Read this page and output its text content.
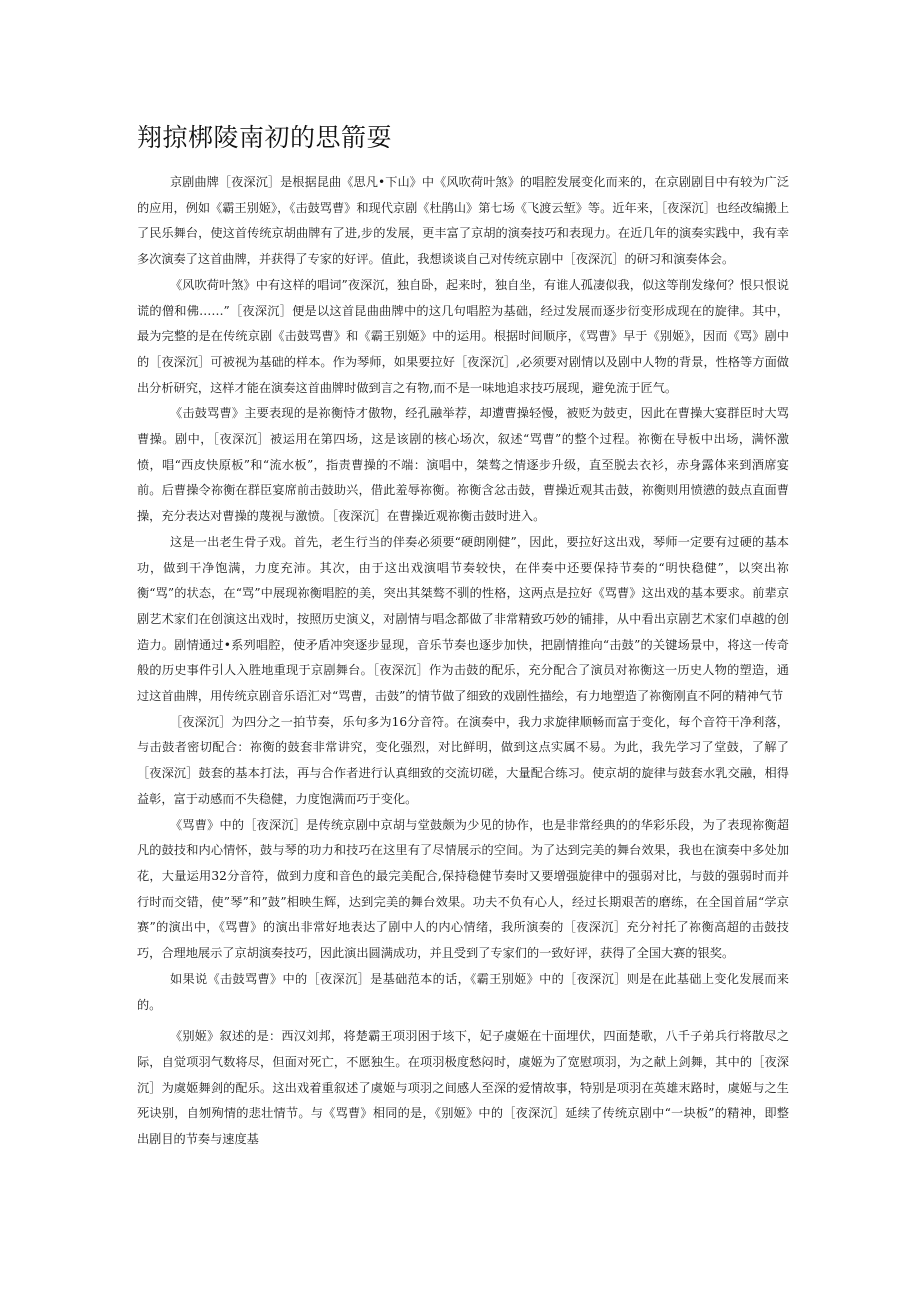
翔掠梆陵南初的思箭耍

京剧曲牌［夜深沉］是根据昆曲《思凡•下山》中《风吹荷叶煞》的唱腔发展变化而来的，在京剧剧目中有较为广泛的应用，例如《霸王别姬》，《击鼓骂曹》和现代京剧《杜鹃山》第七场《飞渡云堑》等。近年来，［夜深沉］也经改编搬上了民乐舞台，使这首传统京胡曲牌有了进,步的发展，更丰富了京胡的演奏技巧和表现力。在近几年的演奏实践中，我有幸多次演奏了这首曲牌，并获得了专家的好评。值此，我想谈谈自己对传统京剧中［夜深沉］的研习和演奏体会。

《风吹荷叶煞》中有这样的唱词”夜深沉，独自卧，起来时，独自坐，有谁人孤凄似我，似这等削发缘何？恨只恨说谎的僧和佛……”［夜深沉］便是以这首昆曲曲牌中的这几句唱腔为基础，经过发展而逐步衍变形成现在的旋律。其中，最为完整的是在传统京剧《击鼓骂曹》和《霸王别姬》中的运用。根据时间顺序，《骂曹》早于《别姬》，因而《骂》剧中的［夜深沉］可被视为基础的样本。作为琴师，如果要拉好［夜深沉］,必须要对剧情以及剧中人物的背景，性格等方面做出分析研究，这样才能在演奏这首曲牌时做到言之有物,而不是一味地追求技巧展现，避免流于匠气。

《击鼓骂曹》主要表现的是祢衡恃才傲物，经孔融举荐，却遭曹操轻慢，被贬为鼓吏，因此在曹操大宴群臣时大骂曹操。剧中，［夜深沉］被运用在第四场，这是该剧的核心场次，叙述“骂曹”的整个过程。祢衡在导板中出场，满怀激愤，唱“西皮快原板”和“流水板”，指责曹操的不端：演唱中，桀骜之情逐步升级，直至脱去衣衫，赤身露体来到酒席宴前。后曹操令祢衡在群臣宴席前击鼓助兴，借此羞辱祢衡。祢衡含忿击鼓，曹操近观其击鼓，祢衡则用愤懑的鼓点直面曹操，充分表达对曹操的蔑视与激愤。［夜深沉］在曹操近观祢衡击鼓时进入。

这是一出老生骨子戏。首先，老生行当的伴奏必须要“硬朗刚健”，因此，要拉好这出戏，琴师一定要有过硬的基本功，做到干净饱满，力度充沛。其次，由于这出戏演唱节奏较快，在伴奏中还要保持节奏的“明快稳健”，以突出祢衡“骂”的状态，在“骂”中展现祢衡唱腔的美，突出其桀骜不驯的性格，这两点是拉好《骂曹》这出戏的基本要求。前辈京剧艺术家们在创演这出戏时，按照历史演义，对剧情与唱念都做了非常精致巧妙的铺排，从中看出京剧艺术家们卓越的创造力。剧情通过•系列唱腔，使矛盾冲突逐步显现，音乐节奏也逐步加快，把剧情推向“击鼓”的关键场景中，将这一传奇般的历史事件引人入胜地重现于京剧舞台。［夜深沉］作为击鼓的配乐，充分配合了演员对祢衡这一历史人物的塑造，通过这首曲牌，用传统京剧音乐语汇对“骂曹，击鼓”的情节做了细致的戏剧性描绘，有力地塑造了祢衡刚直不阿的精神气节

［夜深沉］为四分之一拍节奏，乐句多为16分音符。在演奏中，我力求旋律顺畅而富于变化，每个音符干净利落，与击鼓者密切配合：祢衡的鼓套非常讲究，变化强烈，对比鲜明，做到这点实属不易。为此，我先学习了堂鼓，了解了［夜深沉］鼓套的基本打法，再与合作者进行认真细致的交流切磋，大量配合练习。使京胡的旋律与鼓套水乳交融，相得益彰，富于动感而不失稳健，力度饱满而巧于变化。

《骂曹》中的［夜深沉］是传统京剧中京胡与堂鼓颇为少见的协作，也是非常经典的的华彩乐段，为了表现祢衡超凡的鼓技和内心情怀，鼓与琴的功力和技巧在这里有了尽情展示的空间。为了达到完美的舞台效果，我也在演奏中多处加花，大量运用32分音符，做到力度和音色的最完美配合,保持稳健节奏时又要增强旋律中的强弱对比，与鼓的强弱时而并行时而交错，使”琴”和”鼓”相映生辉，达到完美的舞台效果。功夫不负有心人，经过长期艰苦的磨练，在全国首届“学京赛”的演出中，《骂曹》的演出非常好地表达了剧中人的内心情绪，我所演奏的［夜深沉］充分衬托了祢衡高超的击鼓技巧，合理地展示了京胡演奏技巧，因此演出圆满成功，并且受到了专家们的一致好评，获得了全国大赛的银奖。

如果说《击鼓骂曹》中的［夜深沉］是基础范本的话，《霸王别姬》中的［夜深沉］则是在此基础上变化发展而来的。

《别姬》叙述的是：西汉刘邦，将楚霸王项羽困于垓下，妃子虞姬在十面埋伏，四面楚歌，八千子弟兵行将散尽之际，自觉项羽气数将尽，但面对死亡，不愿独生。在项羽极度愁闷时，虞姬为了宽慰项羽，为之献上剑舞，其中的［夜深沉］为虞姬舞剑的配乐。这出戏着重叙述了虞姬与项羽之间感人至深的爱情故事，特别是项羽在英雄末路时，虞姬与之生死诀别，自刎殉情的悲壮情节。与《骂曹》相同的是，《别姬》中的［夜深沉］延续了传统京剧中“一块板”的精神，即整出剧目的节奏与速度基
